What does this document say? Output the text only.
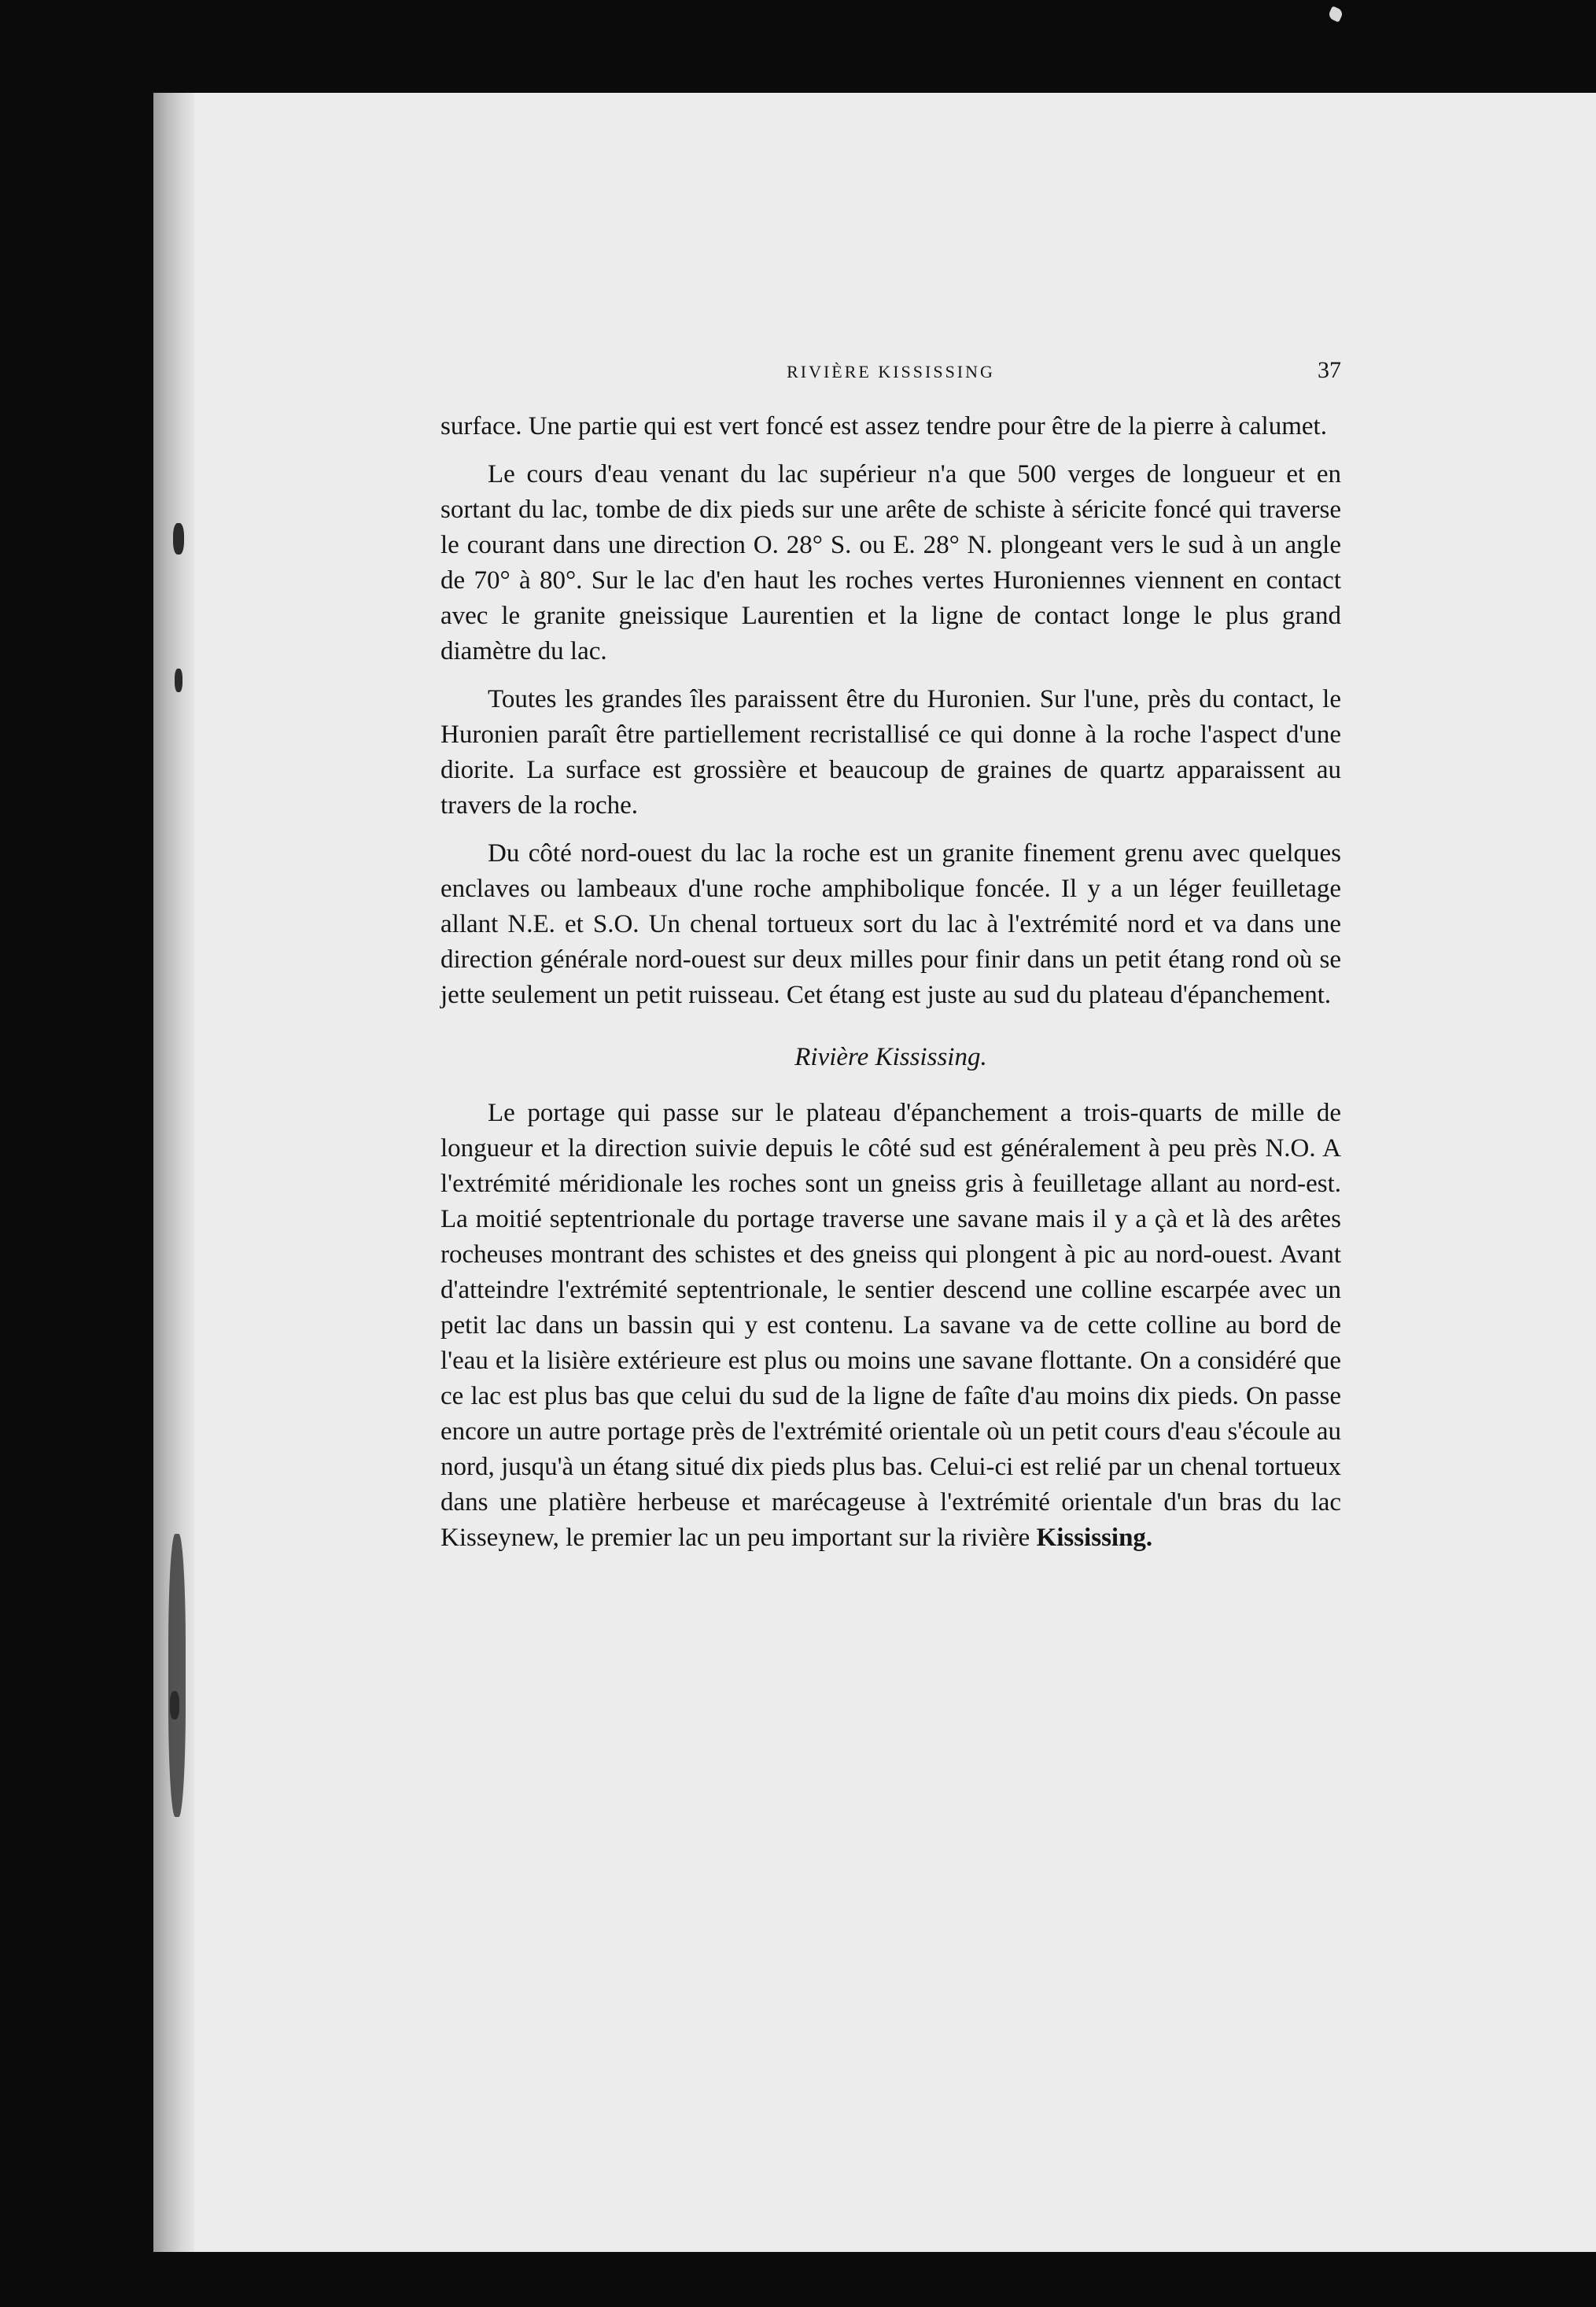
RIVIÈRE KISSISSING	37

surface. Une partie qui est vert foncé est assez tendre pour être de la pierre à calumet.

Le cours d'eau venant du lac supérieur n'a que 500 verges de longueur et en sortant du lac, tombe de dix pieds sur une arête de schiste à séricite foncé qui traverse le courant dans une direction O. 28° S. ou E. 28° N. plongeant vers le sud à un angle de 70° à 80°. Sur le lac d'en haut les roches vertes Huroniennes viennent en contact avec le granite gneissique Laurentien et la ligne de contact longe le plus grand diamètre du lac.

Toutes les grandes îles paraissent être du Huronien. Sur l'une, près du contact, le Huronien paraît être partiellement recristallisé ce qui donne à la roche l'aspect d'une diorite. La surface est grossière et beaucoup de graines de quartz apparaissent au travers de la roche.

Du côté nord-ouest du lac la roche est un granite finement grenu avec quelques enclaves ou lambeaux d'une roche amphibolique foncée. Il y a un léger feuilletage allant N.E. et S.O. Un chenal tortueux sort du lac à l'extrémité nord et va dans une direction générale nord-ouest sur deux milles pour finir dans un petit étang rond où se jette seulement un petit ruisseau. Cet étang est juste au sud du plateau d'épanchement.

Rivière Kississing.

Le portage qui passe sur le plateau d'épanchement a trois-quarts de mille de longueur et la direction suivie depuis le côté sud est généralement à peu près N.O. A l'extrémité méridionale les roches sont un gneiss gris à feuilletage allant au nord-est. La moitié septentrionale du portage traverse une savane mais il y a çà et là des arêtes rocheuses montrant des schistes et des gneiss qui plongent à pic au nord-ouest. Avant d'atteindre l'extrémité septentrionale, le sentier descend une colline escarpée avec un petit lac dans un bassin qui y est contenu. La savane va de cette colline au bord de l'eau et la lisière extérieure est plus ou moins une savane flottante. On a considéré que ce lac est plus bas que celui du sud de la ligne de faîte d'au moins dix pieds. On passe encore un autre portage près de l'extrémité orientale où un petit cours d'eau s'écoule au nord, jusqu'à un étang situé dix pieds plus bas. Celui-ci est relié par un chenal tortueux dans une platière herbeuse et marécageuse à l'extrémité orientale d'un bras du lac Kisseynew, le premier lac un peu important sur la rivière Kississing.
